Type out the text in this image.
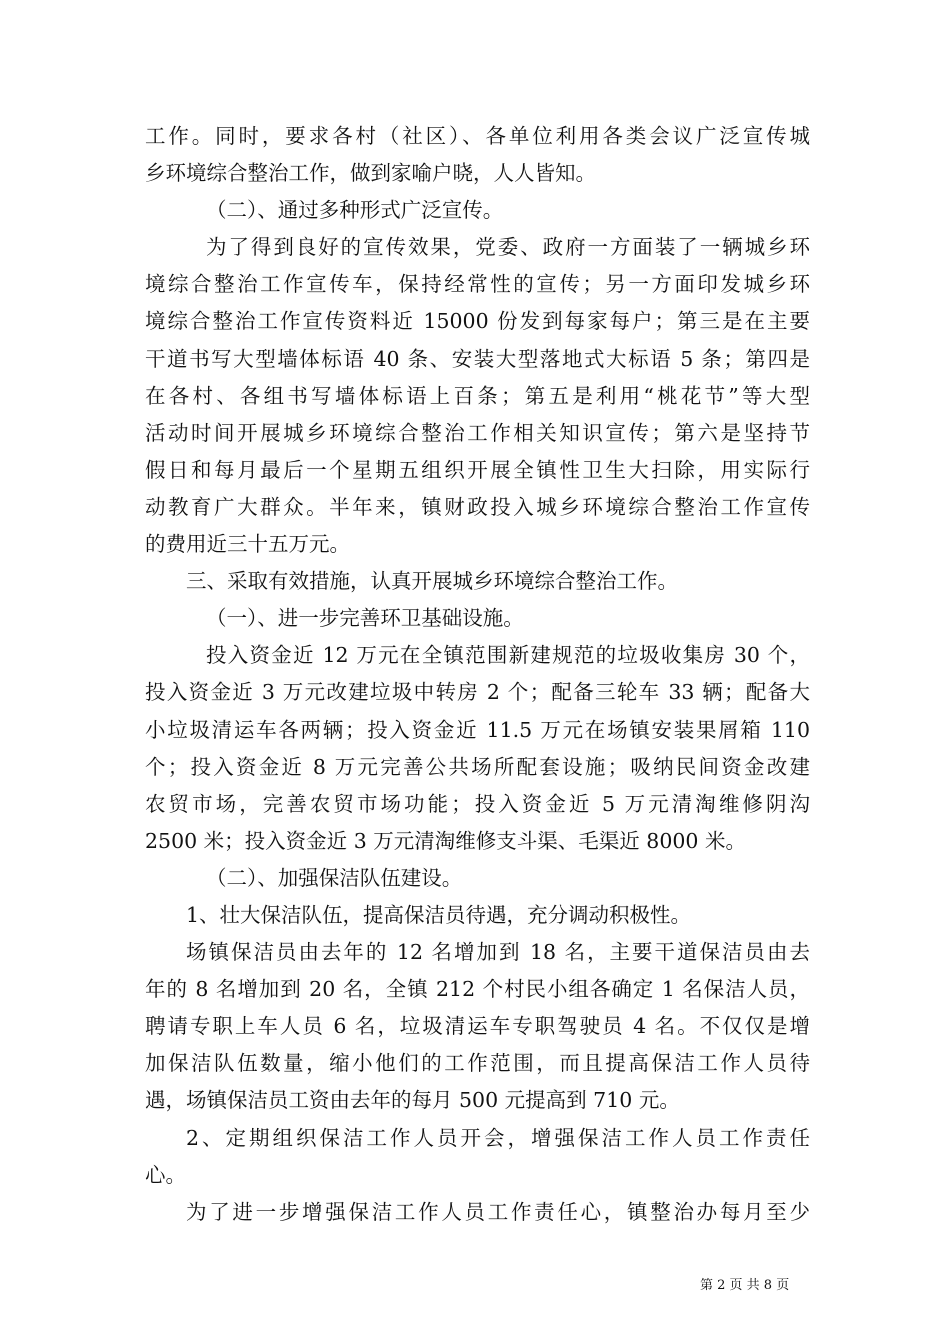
工作。同时，要求各村（社区）、各单位利用各类会议广泛宣传城
乡环境综合整治工作，做到家喻户晓，人人皆知。
（二）、通过多种形式广泛宣传。
为了得到良好的宣传效果，党委、政府一方面装了一辆城乡环
境综合整治工作宣传车，保持经常性的宣传；另一方面印发城乡环
境综合整治工作宣传资料近 15000 份发到每家每户；第三是在主要
干道书写大型墙体标语 40 条、安装大型落地式大标语 5 条；第四是
在各村、各组书写墙体标语上百条；第五是利用“桃花节”等大型
活动时间开展城乡环境综合整治工作相关知识宣传；第六是坚持节
假日和每月最后一个星期五组织开展全镇性卫生大扫除，用实际行
动教育广大群众。半年来，镇财政投入城乡环境综合整治工作宣传
的费用近三十五万元。
三、采取有效措施，认真开展城乡环境综合整治工作。
（一）、进一步完善环卫基础设施。
投入资金近 12 万元在全镇范围新建规范的垃圾收集房 30 个，
投入资金近 3 万元改建垃圾中转房 2 个；配备三轮车 33 辆；配备大
小垃圾清运车各两辆；投入资金近 11.5 万元在场镇安装果屑箱 110
个；投入资金近 8 万元完善公共场所配套设施；吸纳民间资金改建
农贸市场，完善农贸市场功能；投入资金近 5 万元清淘维修阴沟
2500 米；投入资金近 3 万元清淘维修支斗渠、毛渠近 8000 米。
（二）、加强保洁队伍建设。
1、壮大保洁队伍，提高保洁员待遇，充分调动积极性。
场镇保洁员由去年的 12 名增加到 18 名，主要干道保洁员由去
年的 8 名增加到 20 名，全镇 212 个村民小组各确定 1 名保洁人员，
聘请专职上车人员 6 名，垃圾清运车专职驾驶员 4 名。不仅仅是增
加保洁队伍数量，缩小他们的工作范围，而且提高保洁工作人员待
遇，场镇保洁员工资由去年的每月 500 元提高到 710 元。
2、定期组织保洁工作人员开会，增强保洁工作人员工作责任
心。
为了进一步增强保洁工作人员工作责任心，镇整治办每月至少
第 2 页 共 8 页
